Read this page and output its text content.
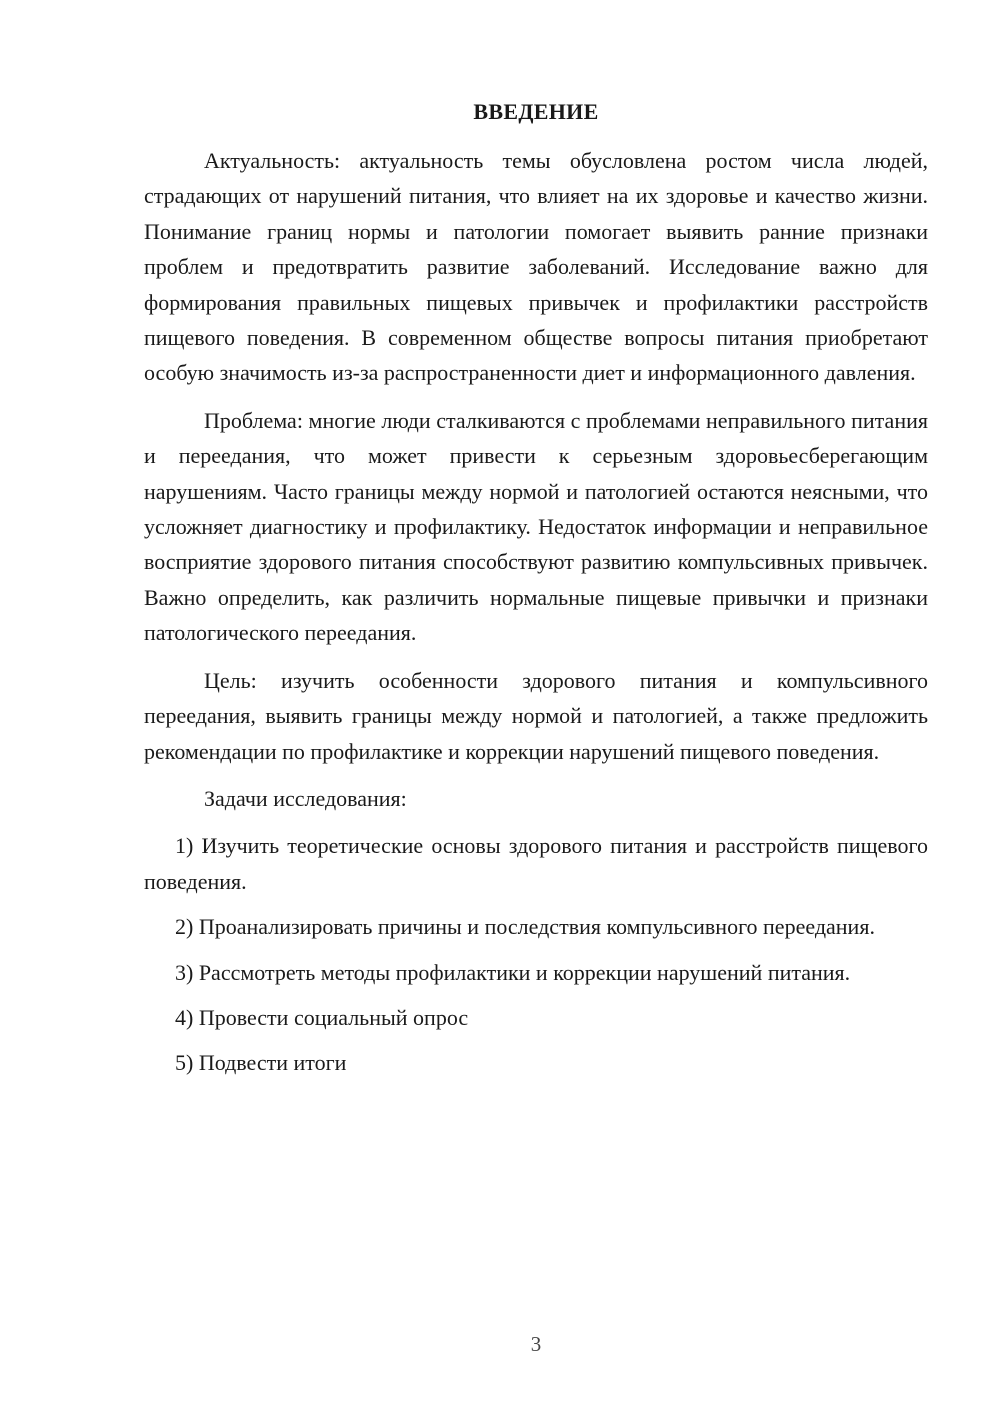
ВВЕДЕНИЕ

Актуальность: актуальность темы обусловлена ростом числа людей, страдающих от нарушений питания, что влияет на их здоровье и качество жизни. Понимание границ нормы и патологии помогает выявить ранние признаки проблем и предотвратить развитие заболеваний. Исследование важно для формирования правильных пищевых привычек и профилактики расстройств пищевого поведения. В современном обществе вопросы питания приобретают особую значимость из-за распространенности диет и информационного давления.

Проблема: многие люди сталкиваются с проблемами неправильного питания и переедания, что может привести к серьезным здоровьесберегающим нарушениям. Часто границы между нормой и патологией остаются неясными, что усложняет диагностику и профилактику. Недостаток информации и неправильное восприятие здорового питания способствуют развитию компульсивных привычек. Важно определить, как различить нормальные пищевые привычки и признаки патологического переедания.

Цель: изучить особенности здорового питания и компульсивного переедания, выявить границы между нормой и патологией, а также предложить рекомендации по профилактике и коррекции нарушений пищевого поведения.

Задачи исследования:

1) Изучить теоретические основы здорового питания и расстройств пищевого поведения.

2) Проанализировать причины и последствия компульсивного переедания.

3) Рассмотреть методы профилактики и коррекции нарушений питания.

4) Провести социальный опрос

5) Подвести итоги

3
